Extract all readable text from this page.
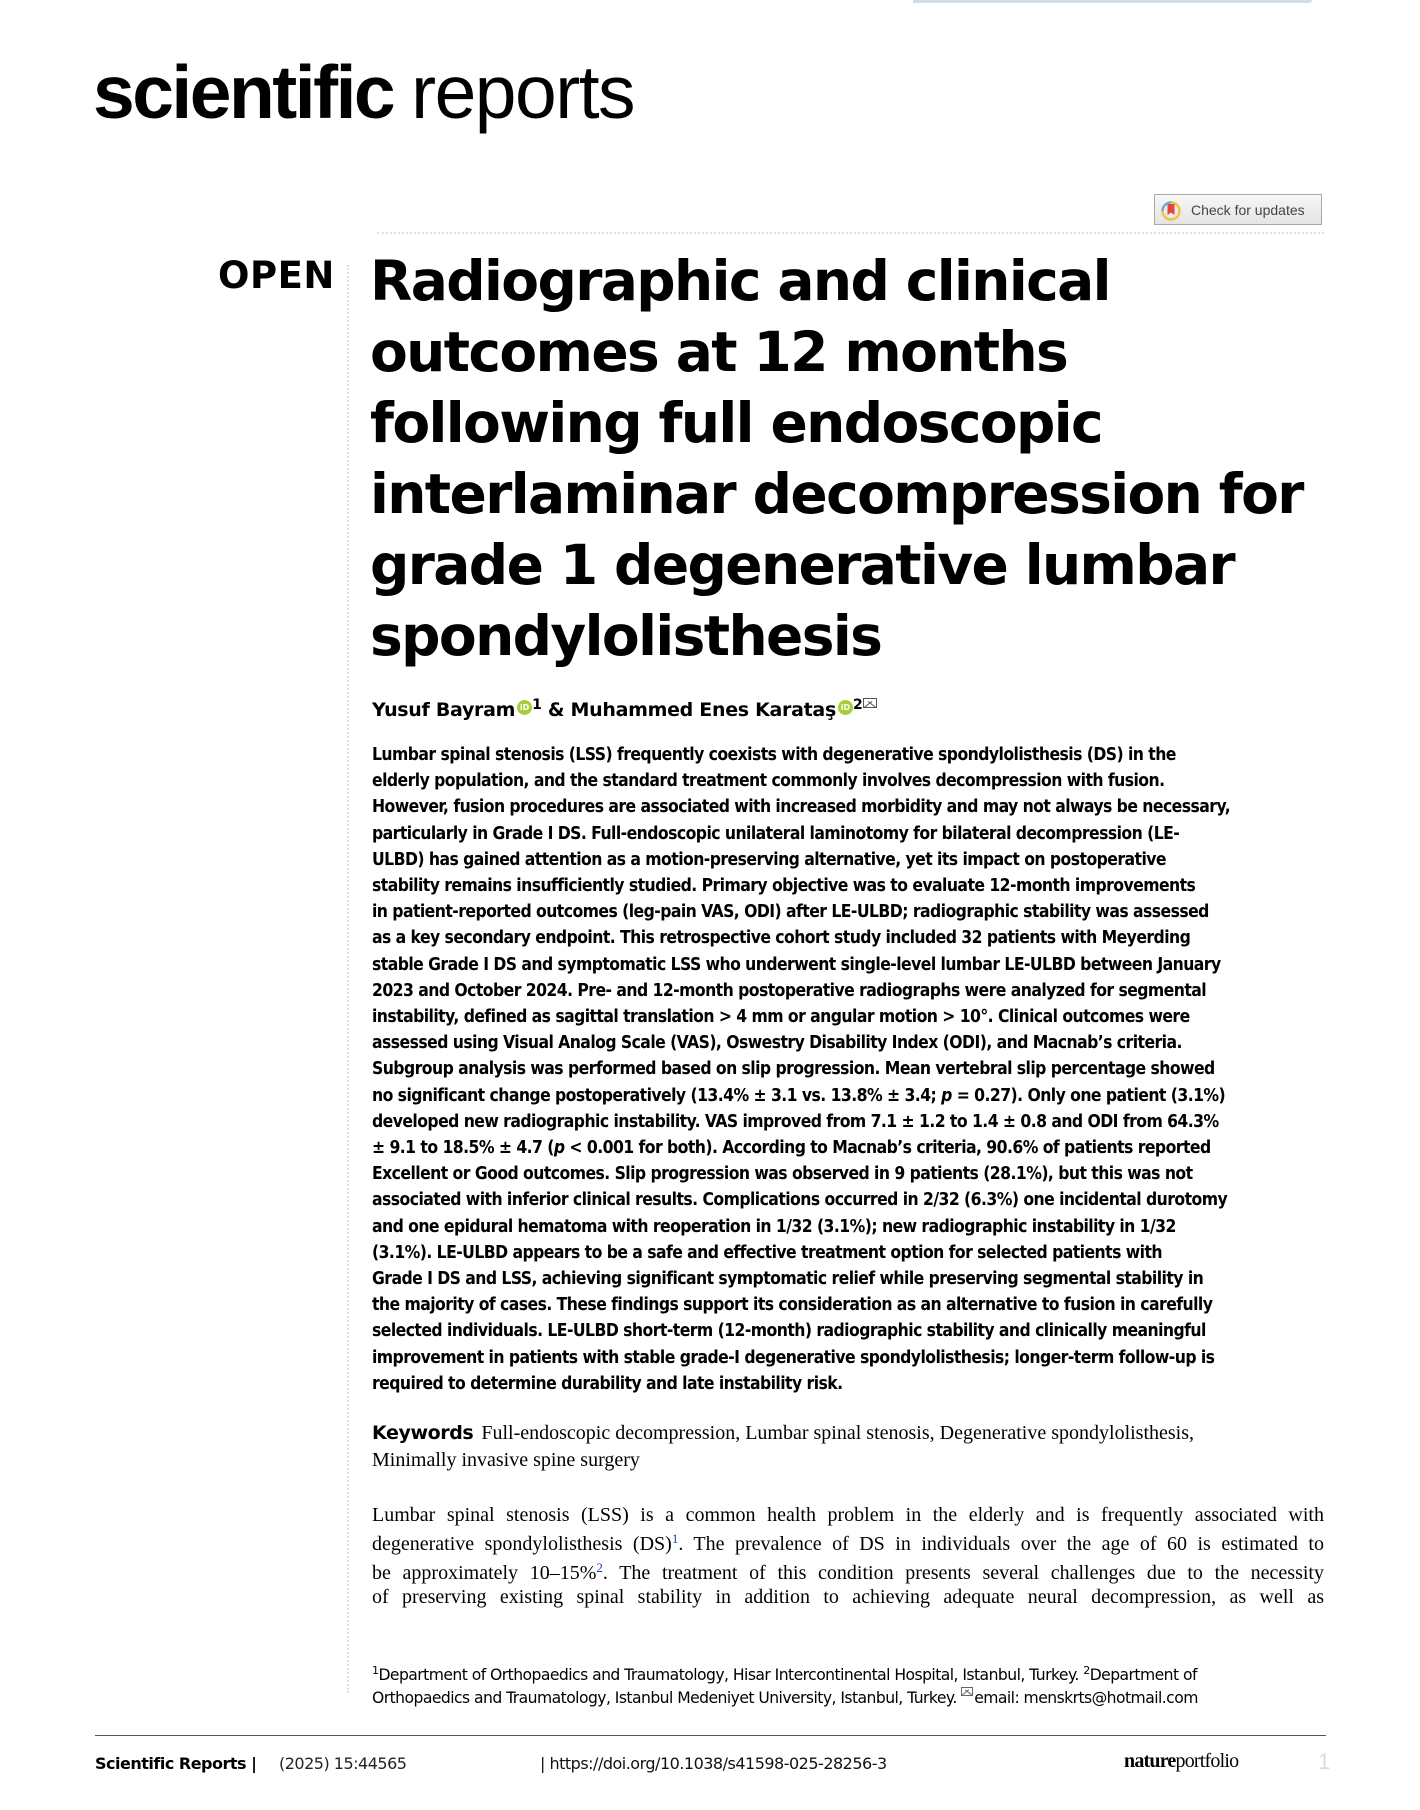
scientific reports
Check for updates
OPEN Radiographic and clinical
outcomes at 12 months
following full endoscopic
interlaminar decompression for
grade 1 degenerative lumbar
spondylolisthesis
Yusuf Bayram iD $^1$ & Muhammed Enes Karataş iD $^2$
Lumbar spinal stenosis (LSS) frequently coexists with degenerative spondylolisthesis (DS) in the
elderly population, and the standard treatment commonly involves decompression with fusion.
However, fusion procedures are associated with increased morbidity and may not always be necessary,
particularly in Grade I DS. Full-endoscopic unilateral laminotomy for bilateral decompression (LE-
ULBD) has gained attention as a motion-preserving alternative, yet its impact on postoperative
stability remains insufficiently studied. Primary objective was to evaluate 12-month improvements
in patient-reported outcomes (leg-pain VAS, ODI) after LE-ULBD; radiographic stability was assessed
as a key secondary endpoint. This retrospective cohort study included 32 patients with Meyerding
stable Grade I DS and symptomatic LSS who underwent single-level lumbar LE-ULBD between January
2023 and October 2024. Pre- and 12-month postoperative radiographs were analyzed for segmental
instability, defined as sagittal translation > 4 mm or angular motion > 10°. Clinical outcomes were
assessed using Visual Analog Scale (VAS), Oswestry Disability Index (ODI), and Macnab’s criteria.
Subgroup analysis was performed based on slip progression. Mean vertebral slip percentage showed
no significant change postoperatively (13.4% ± 3.1 vs. 13.8% ± 3.4; p = 0.27). Only one patient (3.1%)
developed new radiographic instability. VAS improved from 7.1 ± 1.2 to 1.4 ± 0.8 and ODI from 64.3%
± 9.1 to 18.5% ± 4.7 (p < 0.001 for both). According to Macnab’s criteria, 90.6% of patients reported
Excellent or Good outcomes. Slip progression was observed in 9 patients (28.1%), but this was not
associated with inferior clinical results. Complications occurred in 2/32 (6.3%) one incidental durotomy
and one epidural hematoma with reoperation in 1/32 (3.1%); new radiographic instability in 1/32
(3.1%). LE-ULBD appears to be a safe and effective treatment option for selected patients with
Grade I DS and LSS, achieving significant symptomatic relief while preserving segmental stability in
the majority of cases. These findings support its consideration as an alternative to fusion in carefully
selected individuals. LE-ULBD short-term (12-month) radiographic stability and clinically meaningful
improvement in patients with stable grade-I degenerative spondylolisthesis; longer-term follow-up is
required to determine durability and late instability risk.
Keywords Full-endoscopic decompression, Lumbar spinal stenosis, Degenerative spondylolisthesis,
Minimally invasive spine surgery
Lumbar spinal stenosis (LSS) is a common health problem in the elderly and is frequently associated with
degenerative spondylolisthesis (DS)$^1$. The prevalence of DS in individuals over the age of 60 is estimated to
be approximately 10–15%$^2$. The treatment of this condition presents several challenges due to the necessity
of preserving existing spinal stability in addition to achieving adequate neural decompression, as well as
$^1$Department of Orthopaedics and Traumatology, Hisar Intercontinental Hospital, Istanbul, Turkey. $^2$Department of
Orthopaedics and Traumatology, Istanbul Medeniyet University, Istanbul, Turkey. email: menskrts@hotmail.com
Scientific Reports | (2025) 15:44565	| https://doi.org/10.1038/s41598-025-28256-3	natureportfolio	1
